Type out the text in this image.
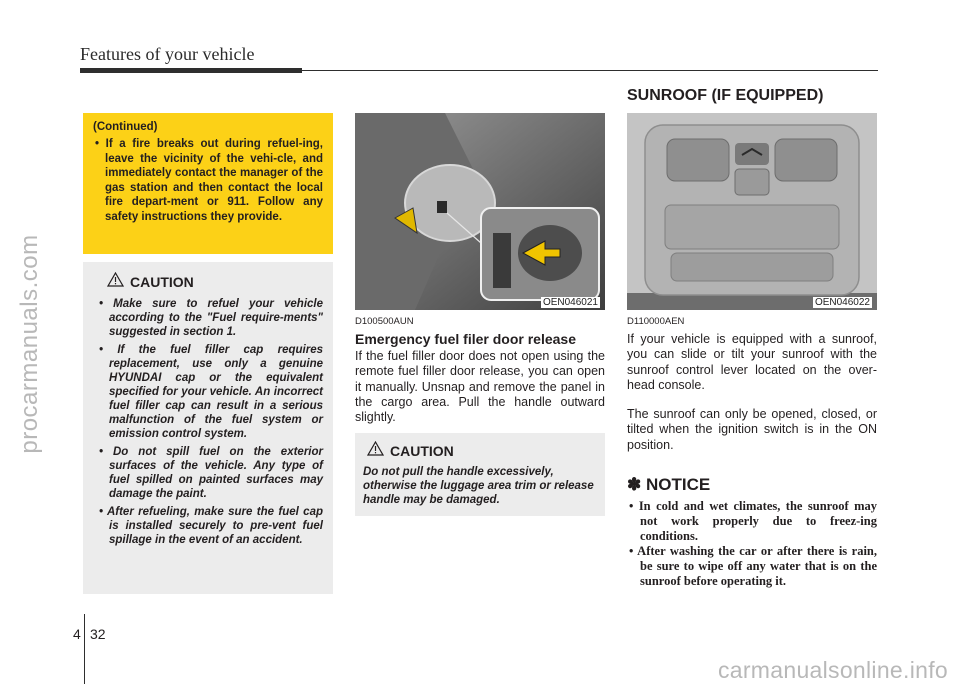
Features of your vehicle
procarmanuals.com
carmanualsonline.info
(Continued)
• If a fire breaks out during refuel-ing, leave the vicinity of the vehi-cle, and immediately contact the manager of the gas station and then contact the local fire depart-ment or 911. Follow any safety instructions they provide.
CAUTION
• Make sure to refuel your vehicle according to the "Fuel require-ments" suggested in section 1.
• If the fuel filler cap requires replacement, use only a genuine HYUNDAI cap or the equivalent specified for your vehicle. An incorrect fuel filler cap can result in a serious malfunction of the fuel system or emission control system.
• Do not spill fuel on the exterior surfaces of the vehicle. Any type of fuel spilled on painted surfaces may damage the paint.
• After refueling, make sure the fuel cap is installed securely to pre-vent fuel spillage in the event of an accident.
OEN046021
D100500AUN
Emergency fuel filer door release
If the fuel filler door does not open using the remote fuel filler door release, you can open it manually. Unsnap and remove the panel in the cargo area. Pull the handle outward slightly.
CAUTION
Do not pull the handle excessively, otherwise the luggage area trim or release handle may be damaged.
SUNROOF (IF EQUIPPED)
OEN046022
D110000AEN
If your vehicle is equipped with a sunroof, you can slide or tilt your sunroof with the sunroof control lever located on the over-head console.
The sunroof can only be opened, closed, or tilted when the ignition switch is in the ON position.
✽ NOTICE
• In cold and wet climates, the sunroof may not work properly due to freez-ing conditions.
• After washing the car or after there is rain, be sure to wipe off any water that is on the sunroof before operating it.
4 32
